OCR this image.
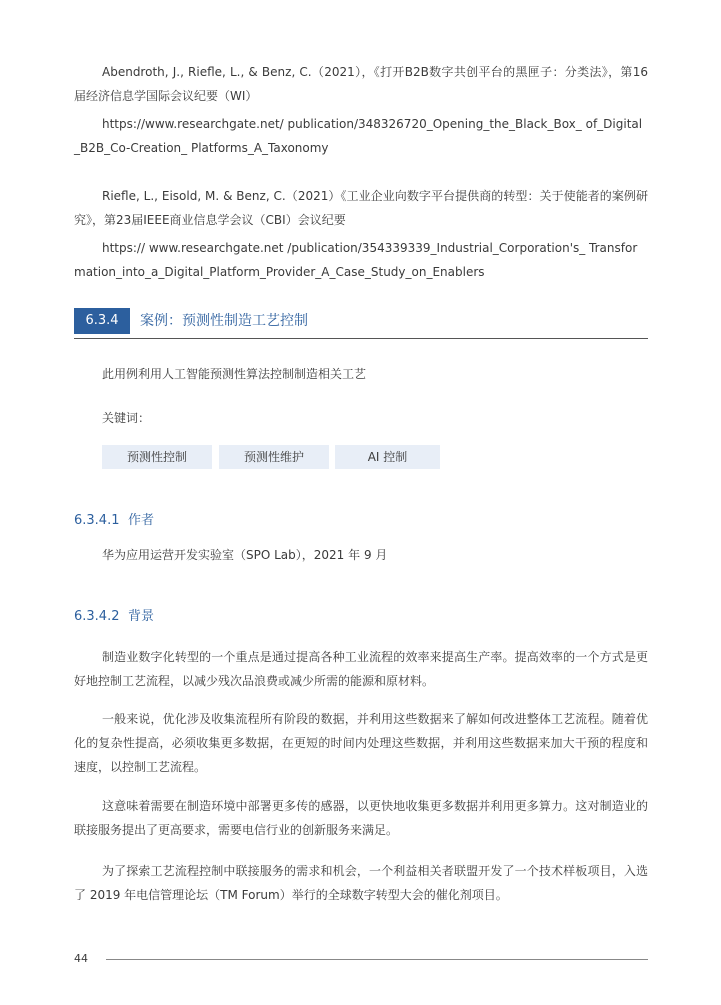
Abendroth, J., Riefle, L., & Benz, C.（2021），《打开B2B数字共创平台的黑匣子：分类法》，第16届经济信息学国际会议纪要（WI）
https://www.researchgate.net/ publication/348326720_Opening_the_Black_Box_ of_Digital_B2B_Co-Creation_ Platforms_A_Taxonomy
Riefle, L., Eisold, M. & Benz, C.（2021）《工业企业向数字平台提供商的转型：关于使能者的案例研究》，第23届IEEE商业信息学会议（CBI）会议纪要
https:// www.researchgate.net /publication/354339339_Industrial_Corporation's_ Transformation_into_a_Digital_Platform_Provider_A_Case_Study_on_Enablers
6.3.4	案例：预测性制造工艺控制
此用例利用人工智能预测性算法控制制造相关工艺
关键词：
预测性控制	预测性维护	AI 控制
6.3.4.1 作者
华为应用运营开发实验室（SPO Lab），2021 年 9 月
6.3.4.2 背景
制造业数字化转型的一个重点是通过提高各种工业流程的效率来提高生产率。提高效率的一个方式是更好地控制工艺流程，以减少残次品浪费或减少所需的能源和原材料。
一般来说，优化涉及收集流程所有阶段的数据，并利用这些数据来了解如何改进整体工艺流程。随着优化的复杂性提高，必须收集更多数据，在更短的时间内处理这些数据，并利用这些数据来加大干预的程度和速度，以控制工艺流程。
这意味着需要在制造环境中部署更多传的感器，以更快地收集更多数据并利用更多算力。这对制造业的联接服务提出了更高要求，需要电信行业的创新服务来满足。
为了探索工艺流程控制中联接服务的需求和机会，一个利益相关者联盟开发了一个技术样板项目，入选了 2019 年电信管理论坛（TM Forum）举行的全球数字转型大会的催化剂项目。
44
